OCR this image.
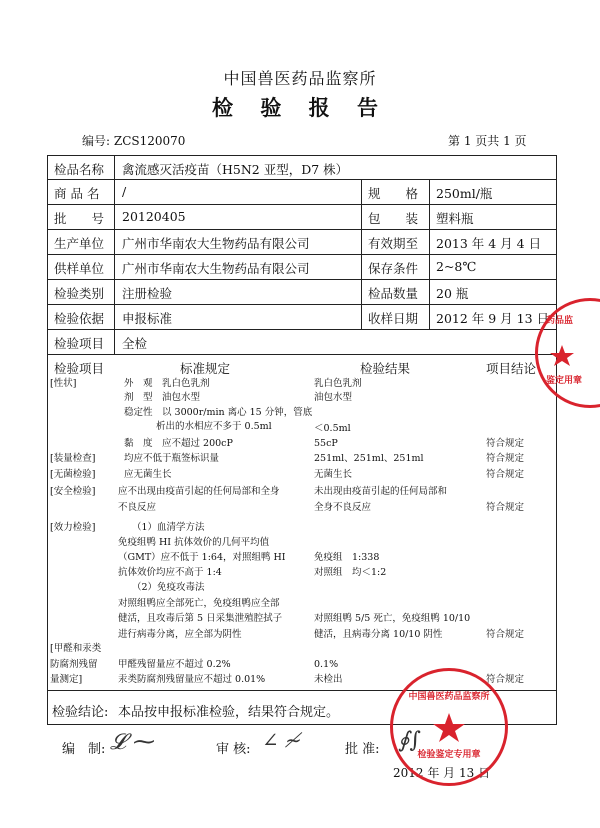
中国兽医药品监察所
检 验 报 告
编号: ZCS120070	第 1 页共 1 页
检品名称 禽流感灭活疫苗（H5N2 亚型，D7 株）
商 品 名 /	规　　格 250ml/瓶
批　　号 20120405	包　　装 塑料瓶
生产单位 广州市华南农大生物药品有限公司	有效期至 2013 年 4 月 4 日
供样单位 广州市华南农大生物药品有限公司	保存条件 2~8℃
检验类别 注册检验	检品数量 20 瓶
检验依据 申报标准	收样日期 2012 年 9 月 13 日
检验项目 全检
检验项目	标准规定	检验结果	项目结论
[性状]	外　观　乳白色乳剂	乳白色乳剂
剂　型　油包水型	油包水型
稳定性　以 3000r/min 离心 15 分钟，管底
析出的水相应不多于 0.5ml	＜0.5ml
黏　度　应不超过 200cP	55cP	符合规定
[装量检查]	均应不低于瓶签标识量	251ml、251ml、251ml	符合规定
[无菌检验]	应无菌生长	无菌生长	符合规定
[安全检验] 应不出现由疫苗引起的任何局部和全身	未出现由疫苗引起的任何局部和
不良反应	全身不良反应	符合规定
[效力检验]	（1）血清学方法
免疫组鸭 HI 抗体效价的几何平均值
（GMT）应不低于 1:64，对照组鸭 HI	免疫组　1:338
抗体效价均应不高于 1:4	对照组　均＜1:2
（2）免疫攻毒法
对照组鸭应全部死亡，免疫组鸭应全部
健活，且攻毒后第 5 日采集泄殖腔拭子	对照组鸭 5/5 死亡，免疫组鸭 10/10
进行病毒分离，应全部为阴性	健活，且病毒分离 10/10 阴性	符合规定
[甲醛和汞类
防腐剂残留 甲醛残留量应不超过 0.2%	0.1%
量测定]	汞类防腐剂残留量应不超过 0.01%	未检出	符合规定
检验结论: 本品按申报标准检验，结果符合规定。
编　制: 𝓛 ⁓	审 核: ∠ ≁	批 准: ∮∫
2012 年 月 13 日
中国兽医药品监察所
检验鉴定专用章
药品监
鉴定用章
